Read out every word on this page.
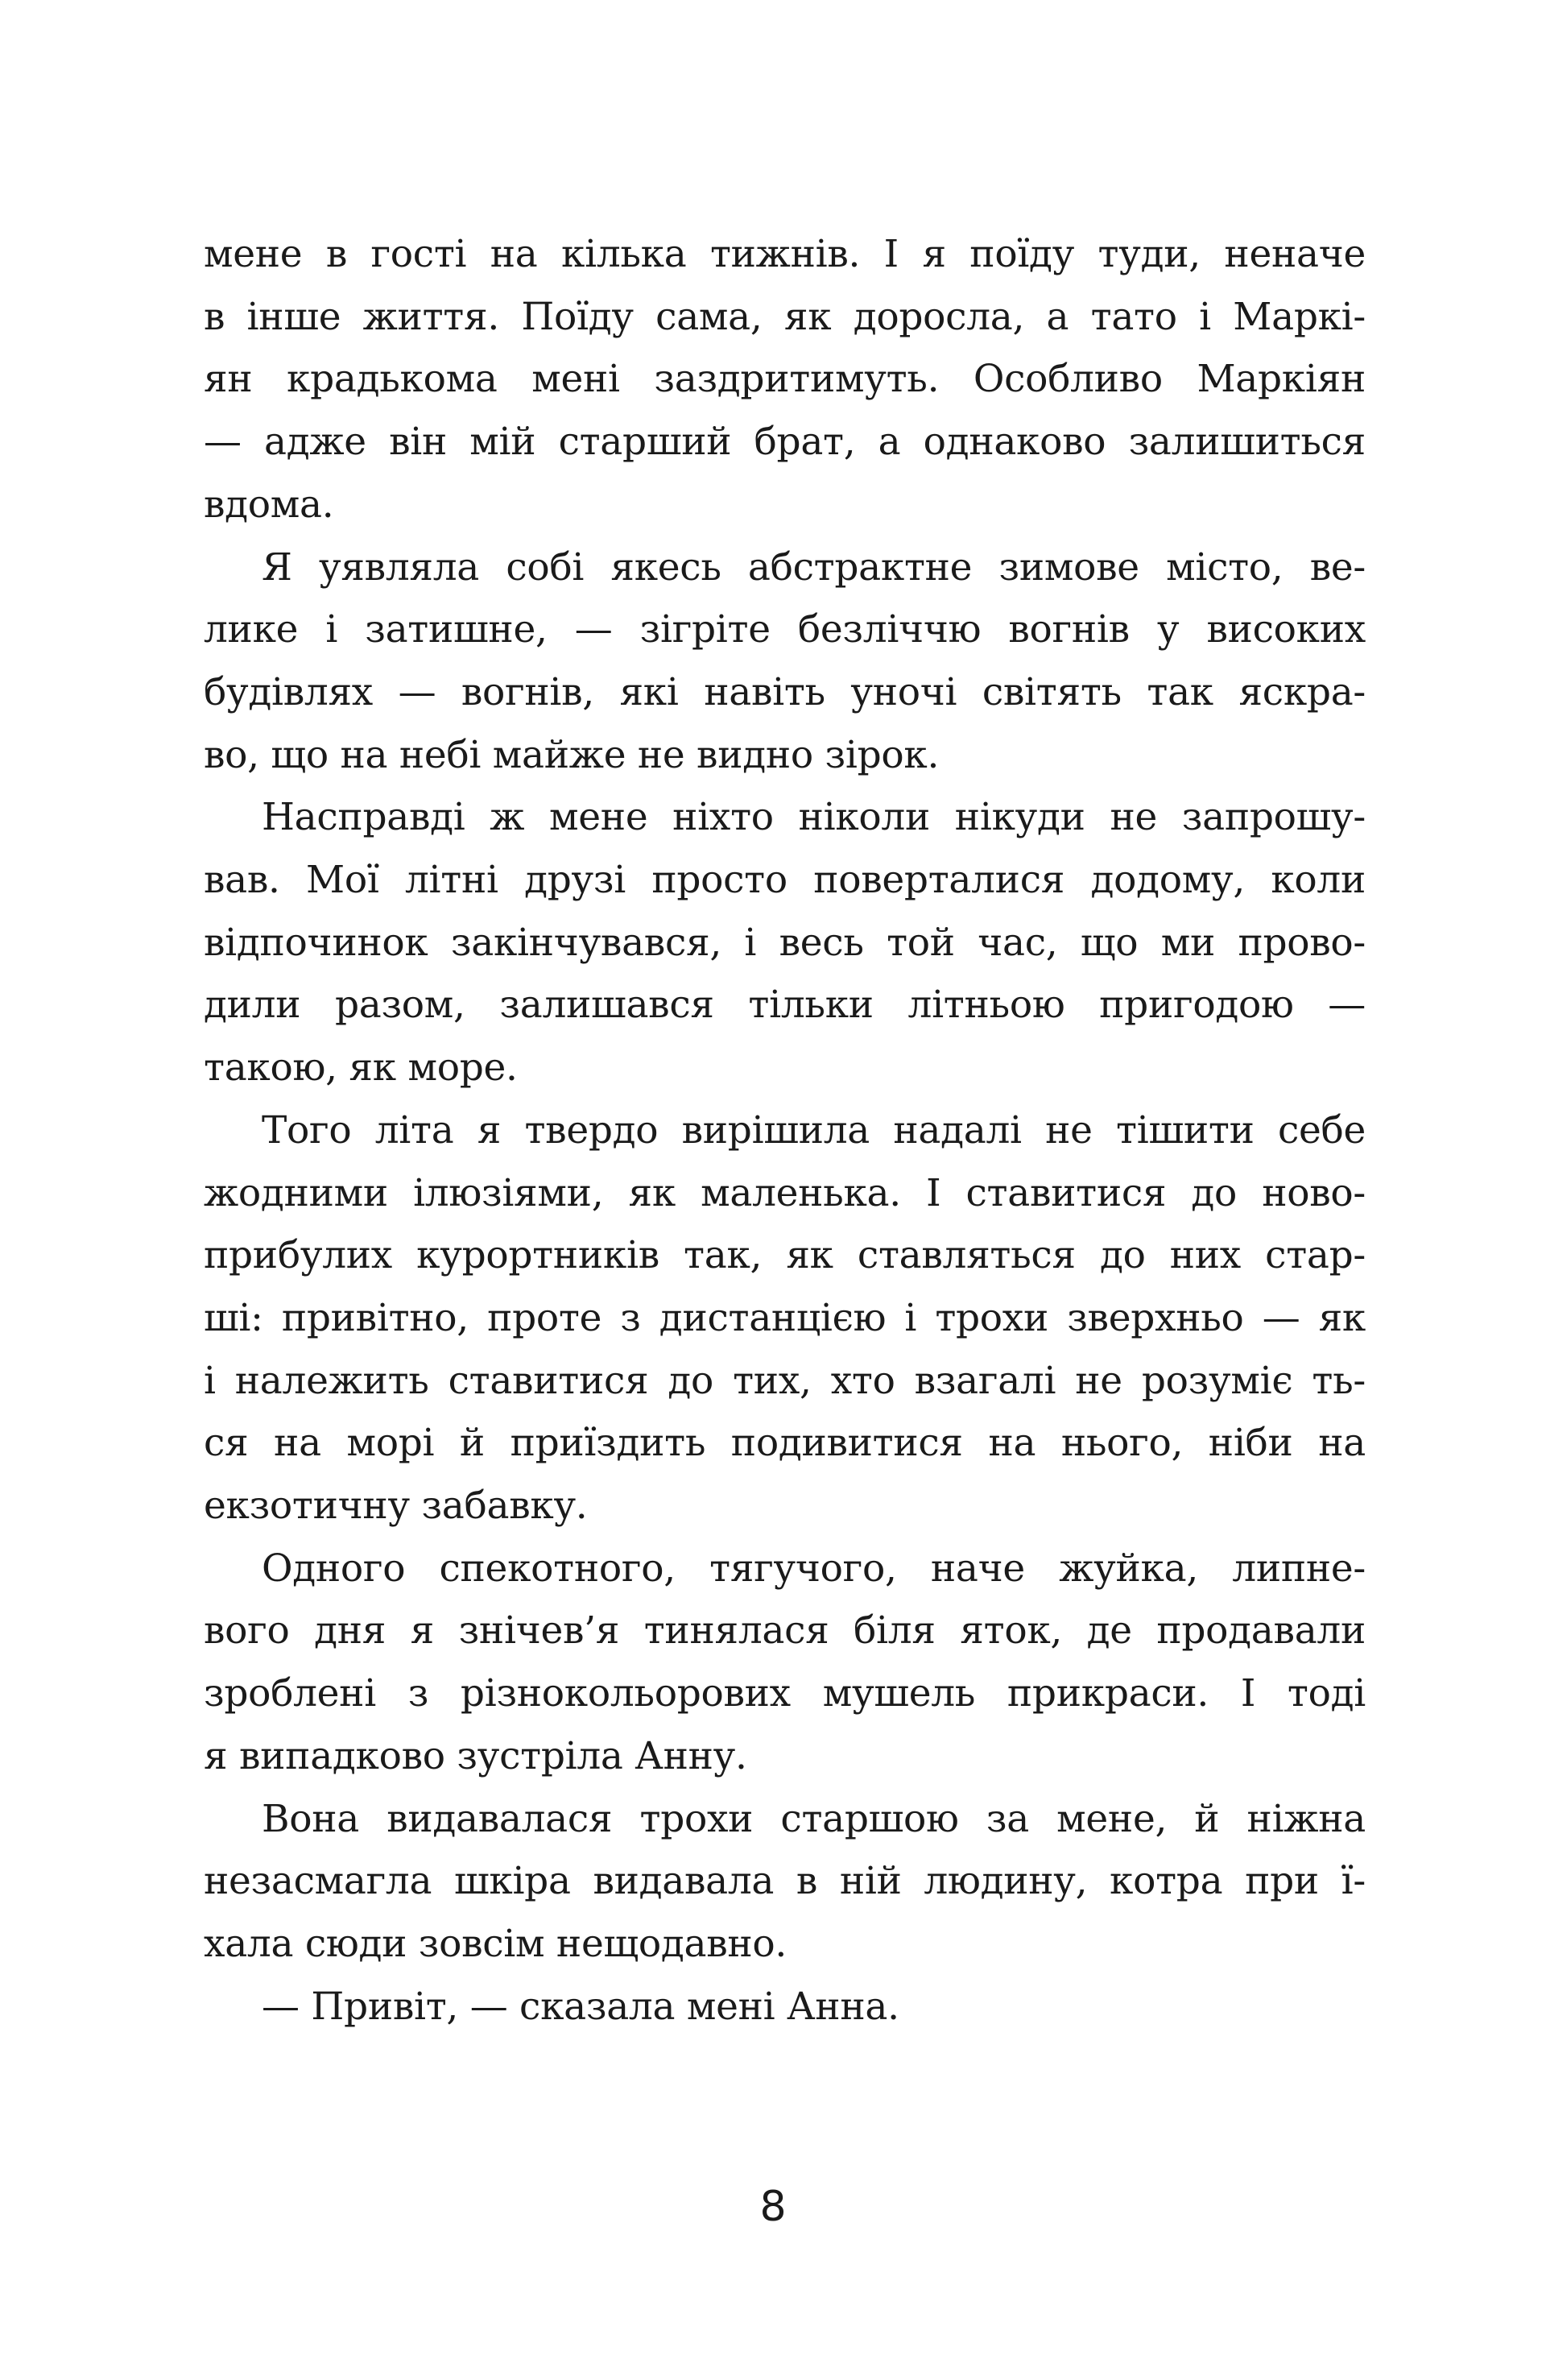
мене в гості на кілька тижнів. І я поїду туди, неначе
в інше життя. Поїду сама, як доросла, а тато і Маркі-
ян крадькома мені заздритимуть. Особливо Маркіян
— адже він мій старший брат, а однаково залишиться
вдома.
Я уявляла собі якесь абстрактне зимове місто, ве-
лике і затишне, — зігріте безліччю вогнів у високих
будівлях — вогнів, які навіть уночі світять так яскра-
во, що на небі майже не видно зірок.
Насправді ж мене ніхто ніколи нікуди не запрошу-
вав. Мої літні друзі просто поверталися додому, коли
відпочинок закінчувався, і весь той час, що ми прово-
дили разом, залишався тільки літньою пригодою —
такою, як море.
Того літа я твердо вирішила надалі не тішити себе
жодними ілюзіями, як маленька. І ставитися до ново-
прибулих курортників так, як ставляться до них стар-
ші: привітно, проте з дистанцією і трохи зверхньо — як
і належить ставитися до тих, хто взагалі не розуміє ть-
ся на морі й приїздить подивитися на нього, ніби на
екзотичну забавку.
Одного спекотного, тягучого, наче жуйка, липне-
вого дня я знічев’я тинялася біля яток, де продавали
зроблені з різнокольорових мушель прикраси. І тоді
я випадково зустріла Анну.
Вона видавалася трохи старшою за мене, й ніжна
незасмагла шкіра видавала в ній людину, котра при ї-
хала сюди зовсім нещодавно.
— Привіт, — сказала мені Анна.
8
